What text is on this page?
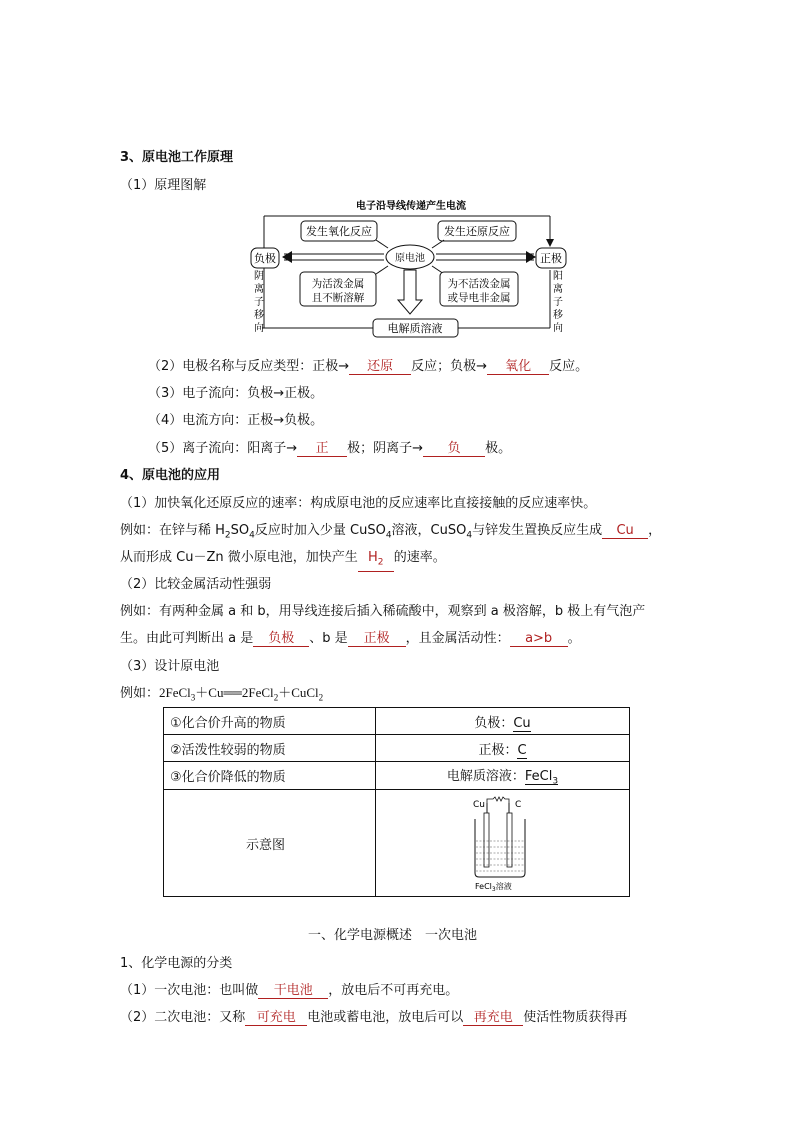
3、原电池工作原理
（1）原理图解
电子沿导线传递产生电流
负极	正极
发生氧化反应	发生还原反应
原电池
为活泼金属
且不断溶解
为不活泼金属
或导电非金属
电解质溶液
阴
离
子
移
向
阳
离
子
移
向
（2）电极名称与反应类型：正极→ 还原 反应；负极→ 氧化 反应。
（3）电子流向：负极→正极。
（4）电流方向：正极→负极。
（5）离子流向：阳离子→ 正 极；阴离子→ 负 极。
4、原电池的应用
（1）加快氧化还原反应的速率：构成原电池的反应速率比直接接触的反应速率快。
例如：在锌与稀 $H_2SO_4$反应时加入少量 CuSO$_4$溶液，CuSO$_4$与锌发生置换反应生成 Cu ，
从而形成 Cu－Zn 微小原电池，加快产生 $H_2$ 的速率。
（2）比较金属活动性强弱
例如：有两种金属 a 和 b，用导线连接后插入稀硫酸中，观察到 a 极溶解，b 极上有气泡产
生。由此可判断出 a 是 负极 、b 是 正极 ，且金属活动性： a>b 。
（3）设计原电池
例如：2FeCl$_3$＋Cu══2FeCl$_2$＋CuCl$_2$
①化合价升高的物质	负极：Cu
②活泼性较弱的物质	正极：C
③化合价降低的物质	电解质溶液：FeCl$_3$
示意图	Cu C
FeCl$_3$溶液
一、化学电源概述　一次电池
1、化学电源的分类
（1）一次电池：也叫做 干电池 ，放电后不可再充电。
（2）二次电池：又称 可充电 电池或蓄电池，放电后可以 再充电 使活性物质获得再
